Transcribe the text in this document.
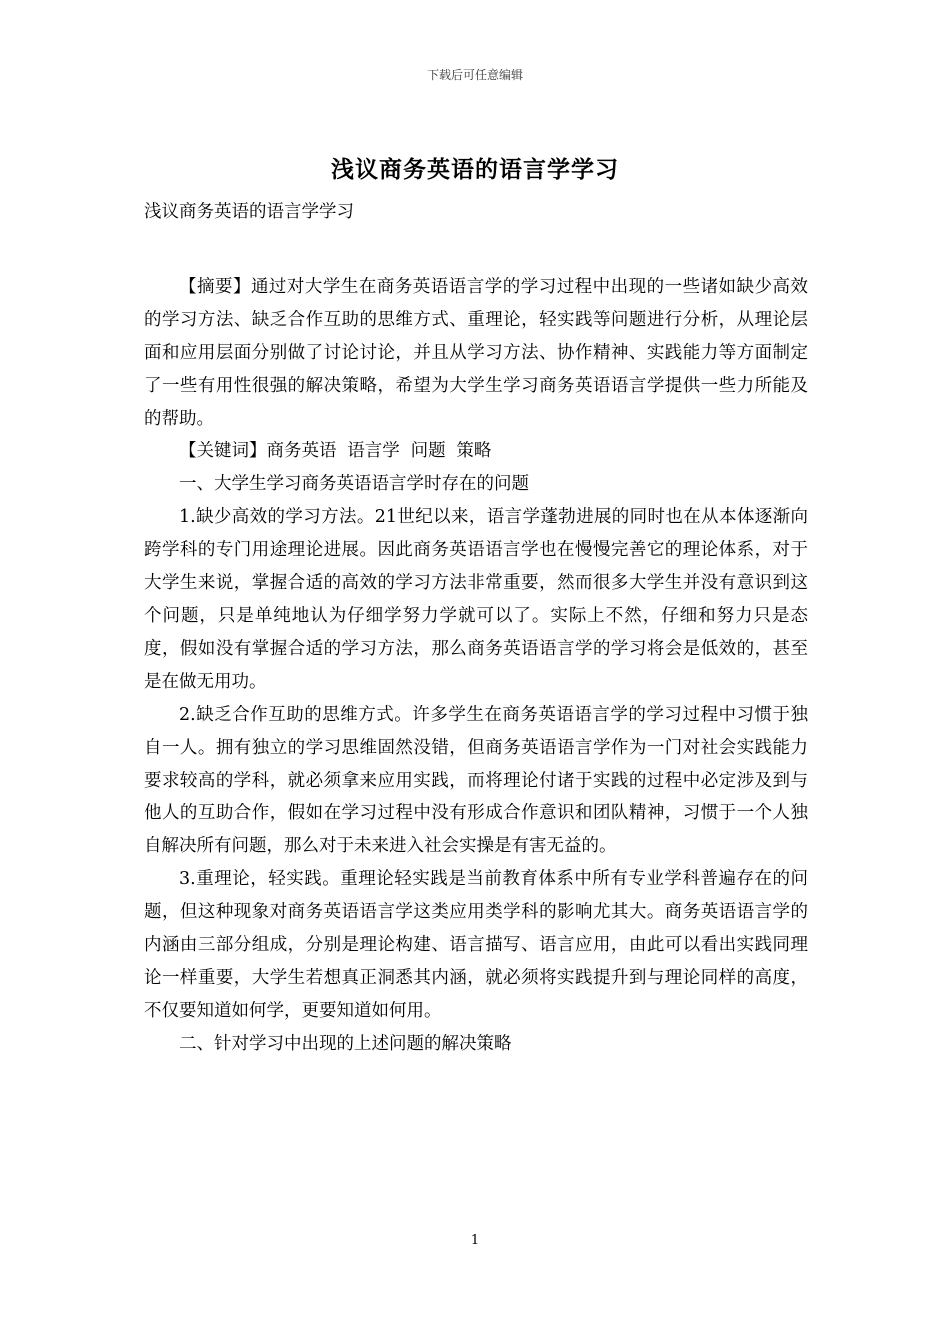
下载后可任意编辑
浅议商务英语的语言学学习

浅议商务英语的语言学学习

【摘要】通过对大学生在商务英语语言学的学习过程中出现的一些诸如缺少高效的学习方法、缺乏合作互助的思维方式、重理论，轻实践等问题进行分析，从理论层面和应用层面分别做了讨论讨论，并且从学习方法、协作精神、实践能力等方面制定了一些有用性很强的解决策略，希望为大学生学习商务英语语言学提供一些力所能及的帮助。

【关键词】商务英语 语言学 问题 策略

一、大学生学习商务英语语言学时存在的问题

1.缺少高效的学习方法。21世纪以来，语言学蓬勃进展的同时也在从本体逐渐向跨学科的专门用途理论进展。因此商务英语语言学也在慢慢完善它的理论体系，对于大学生来说，掌握合适的高效的学习方法非常重要，然而很多大学生并没有意识到这个问题，只是单纯地认为仔细学努力学就可以了。实际上不然，仔细和努力只是态度，假如没有掌握合适的学习方法，那么商务英语语言学的学习将会是低效的，甚至是在做无用功。

2.缺乏合作互助的思维方式。许多学生在商务英语语言学的学习过程中习惯于独自一人。拥有独立的学习思维固然没错，但商务英语语言学作为一门对社会实践能力要求较高的学科，就必须拿来应用实践，而将理论付诸于实践的过程中必定涉及到与他人的互助合作，假如在学习过程中没有形成合作意识和团队精神，习惯于一个人独自解决所有问题，那么对于未来进入社会实操是有害无益的。

3.重理论，轻实践。重理论轻实践是当前教育体系中所有专业学科普遍存在的问题，但这种现象对商务英语语言学这类应用类学科的影响尤其大。商务英语语言学的内涵由三部分组成，分别是理论构建、语言描写、语言应用，由此可以看出实践同理论一样重要，大学生若想真正洞悉其内涵，就必须将实践提升到与理论同样的高度，不仅要知道如何学，更要知道如何用。

二、针对学习中出现的上述问题的解决策略

1
